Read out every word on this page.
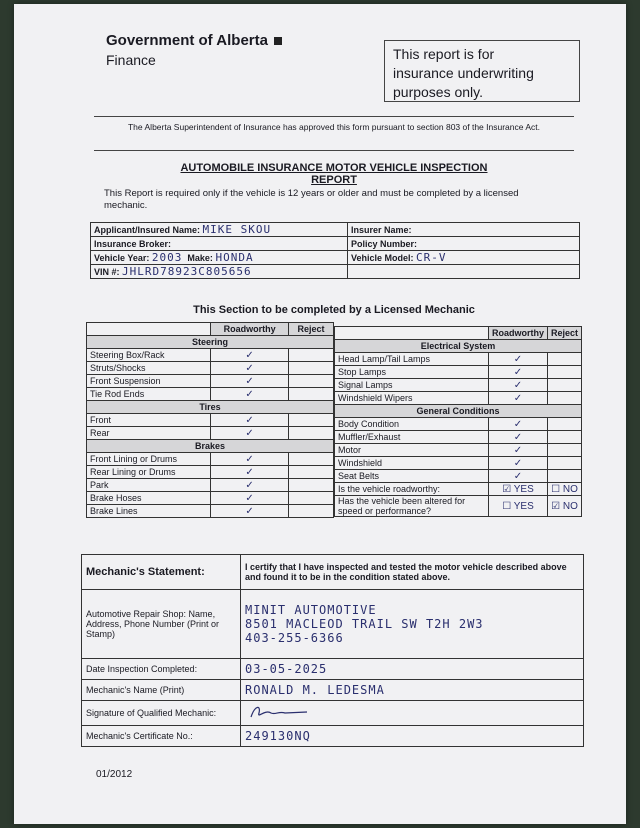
Government of Alberta
Finance	This report is for
insurance underwriting
purposes only.
The Alberta Superintendent of Insurance has approved this form pursuant to section 803 of the Insurance Act.
AUTOMOBILE INSURANCE MOTOR VEHICLE INSPECTION
REPORT
This Report is required only if the vehicle is 12 years or older and must be completed by a licensed mechanic.
Applicant/Insured Name: MIKE SKOU	Insurer Name:
Insurance Broker:	Policy Number:
Vehicle Year: 2003 Make: HONDA	Vehicle Model: CR-V
VIN #: JHLRD78923C805656	
This Section to be completed by a Licensed Mechanic
	Roadworthy	Reject
Steering		
Steering Box/Rack	✓	
Struts/Shocks	✓	
Front Suspension	✓	
Tie Rod Ends	✓	
Tires		
Front	✓	
Rear	✓	
Brakes		
Front Lining or Drums	✓	
Rear Lining or Drums	✓	
Park	✓	
Brake Hoses	✓	
Brake Lines	✓	
	Roadworthy	Reject
Electrical System		
Head Lamp/Tail Lamps	✓	
Stop Lamps	✓	
Signal Lamps	✓	
Windshield Wipers	✓	
General Conditions		
Body Condition	✓	
Muffler/Exhaust	✓	
Motor	✓	
Windshield	✓	
Seat Belts	✓	
Is the vehicle roadworthy:	☑ YES	☐ NO
Has the vehicle been altered for speed or performance?	☐ YES	☑ NO
Mechanic's Statement:	I certify that I have inspected and tested the motor vehicle described above and found it to be in the condition stated above.
Automotive Repair Shop: Name, Address, Phone Number (Print or Stamp)	MINIT AUTOMOTIVE
8501 MACLEOD TRAIL SW T2H 2W3
403-255-6366

Date Inspection Completed:	03-05-2025
Mechanic's Name (Print)	RONALD M. LEDESMA
Signature of Qualified Mechanic:	
Mechanic's Certificate No.:	249130NQ
01/2012
